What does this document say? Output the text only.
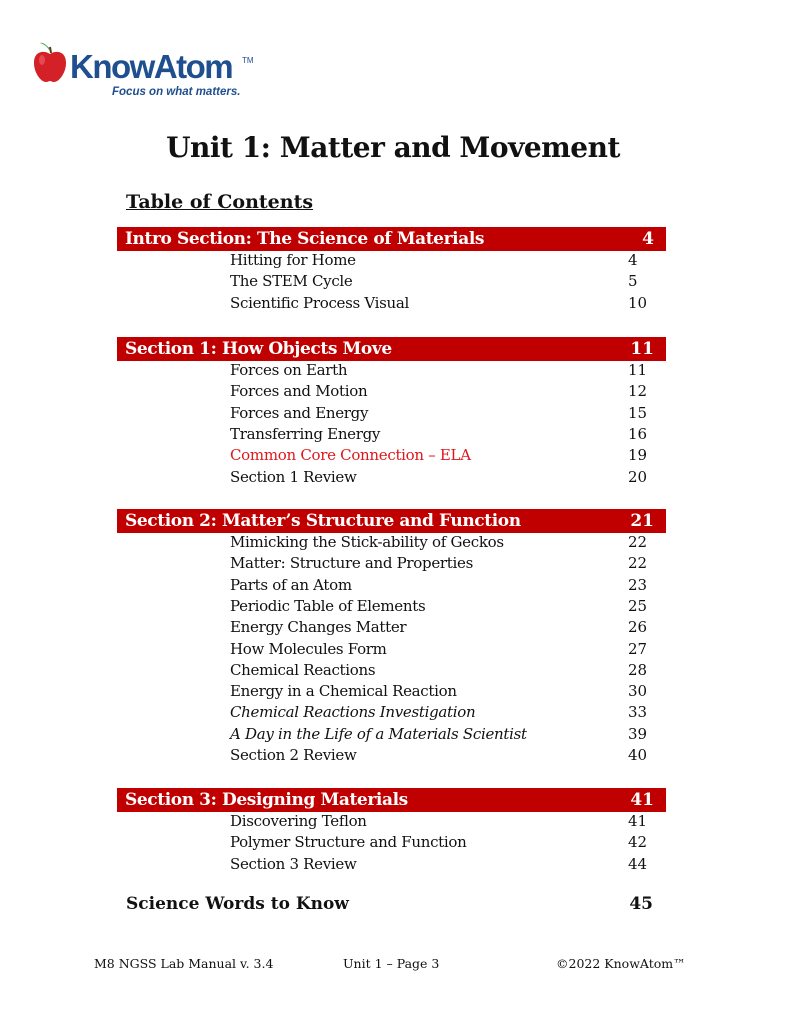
KnowAtom TM
Focus on what matters.
Unit 1: Matter and Movement
Table of Contents
Intro Section: The Science of Materials	4
Hitting for Home	4
The STEM Cycle	5
Scientific Process Visual	10
Section 1: How Objects Move	11
Forces on Earth	11
Forces and Motion	12
Forces and Energy	15
Transferring Energy	16
Common Core Connection – ELA	19
Section 1 Review	20
Section 2: Matter’s Structure and Function	21
Mimicking the Stick-ability of Geckos	22
Matter: Structure and Properties	22
Parts of an Atom	23
Periodic Table of Elements	25
Energy Changes Matter	26
How Molecules Form	27
Chemical Reactions	28
Energy in a Chemical Reaction	30
Chemical Reactions Investigation	33
A Day in the Life of a Materials Scientist	39
Section 2 Review	40
Section 3: Designing Materials	41
Discovering Teflon	41
Polymer Structure and Function	42
Section 3 Review	44
Science Words to Know	45
M8 NGSS Lab Manual v. 3.4	Unit 1 – Page 3	©2022 KnowAtom™
